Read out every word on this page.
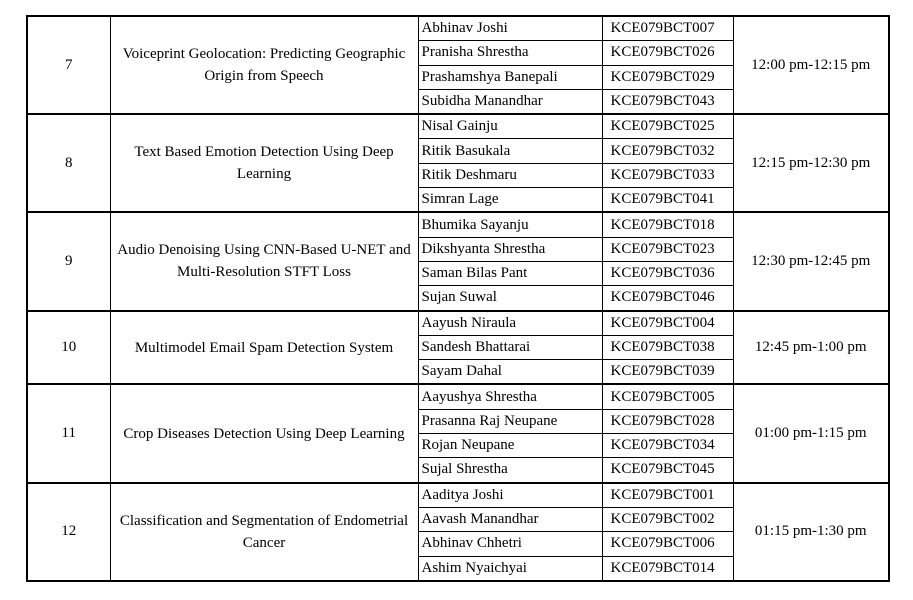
7	Voiceprint Geolocation: Predicting Geographic Origin from Speech	Abhinav Joshi	KCE079BCT007	12:00 pm-12:15 pm
		Pranisha Shrestha	KCE079BCT026	
		Prashamshya Banepali	KCE079BCT029	
		Subidha Manandhar	KCE079BCT043	
8	Text Based Emotion Detection Using Deep Learning	Nisal Gainju	KCE079BCT025	12:15 pm-12:30 pm
		Ritik Basukala	KCE079BCT032	
		Ritik Deshmaru	KCE079BCT033	
		Simran Lage	KCE079BCT041	
9	Audio Denoising Using CNN-Based U-NET and Multi-Resolution STFT Loss	Bhumika Sayanju	KCE079BCT018	12:30 pm-12:45 pm
		Dikshyanta Shrestha	KCE079BCT023	
		Saman Bilas Pant	KCE079BCT036	
		Sujan Suwal	KCE079BCT046	
10	Multimodel Email Spam Detection System	Aayush Niraula	KCE079BCT004	12:45 pm-1:00 pm
		Sandesh Bhattarai	KCE079BCT038	
		Sayam Dahal	KCE079BCT039	
11	Crop Diseases Detection Using Deep Learning	Aayushya Shrestha	KCE079BCT005	01:00 pm-1:15 pm
		Prasanna Raj Neupane	KCE079BCT028	
		Rojan Neupane	KCE079BCT034	
		Sujal Shrestha	KCE079BCT045	
12	Classification and Segmentation of Endometrial Cancer	Aaditya Joshi	KCE079BCT001	01:15 pm-1:30 pm
		Aavash Manandhar	KCE079BCT002	
		Abhinav Chhetri	KCE079BCT006	
		Ashim Nyaichyai	KCE079BCT014	
